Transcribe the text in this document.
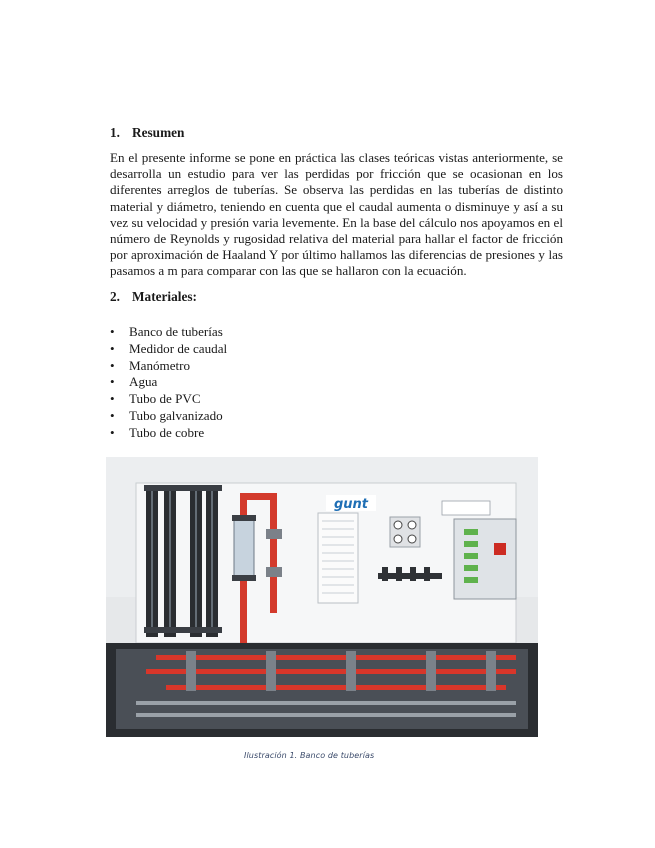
1. Resumen

En el presente informe se pone en práctica las clases teóricas vistas anteriormente, se desarrolla un estudio para ver las perdidas por fricción que se ocasionan en los diferentes arreglos de tuberías. Se observa las perdidas en las tuberías de distinto material y diámetro, teniendo en cuenta que el caudal aumenta o disminuye y así a su vez su velocidad y presión varia levemente. En la base del cálculo nos apoyamos en el número de Reynolds y rugosidad relativa del material para hallar el factor de fricción por aproximación de Haaland Y por último hallamos las diferencias de presiones y las pasamos a m para comparar con las que se hallaron con la ecuación.

2. Materiales:
• Banco de tuberías
• Medidor de caudal
• Manómetro
• Agua
• Tubo de PVC
• Tubo galvanizado
• Tubo de cobre
gunt
Ilustración 1. Banco de tuberías
